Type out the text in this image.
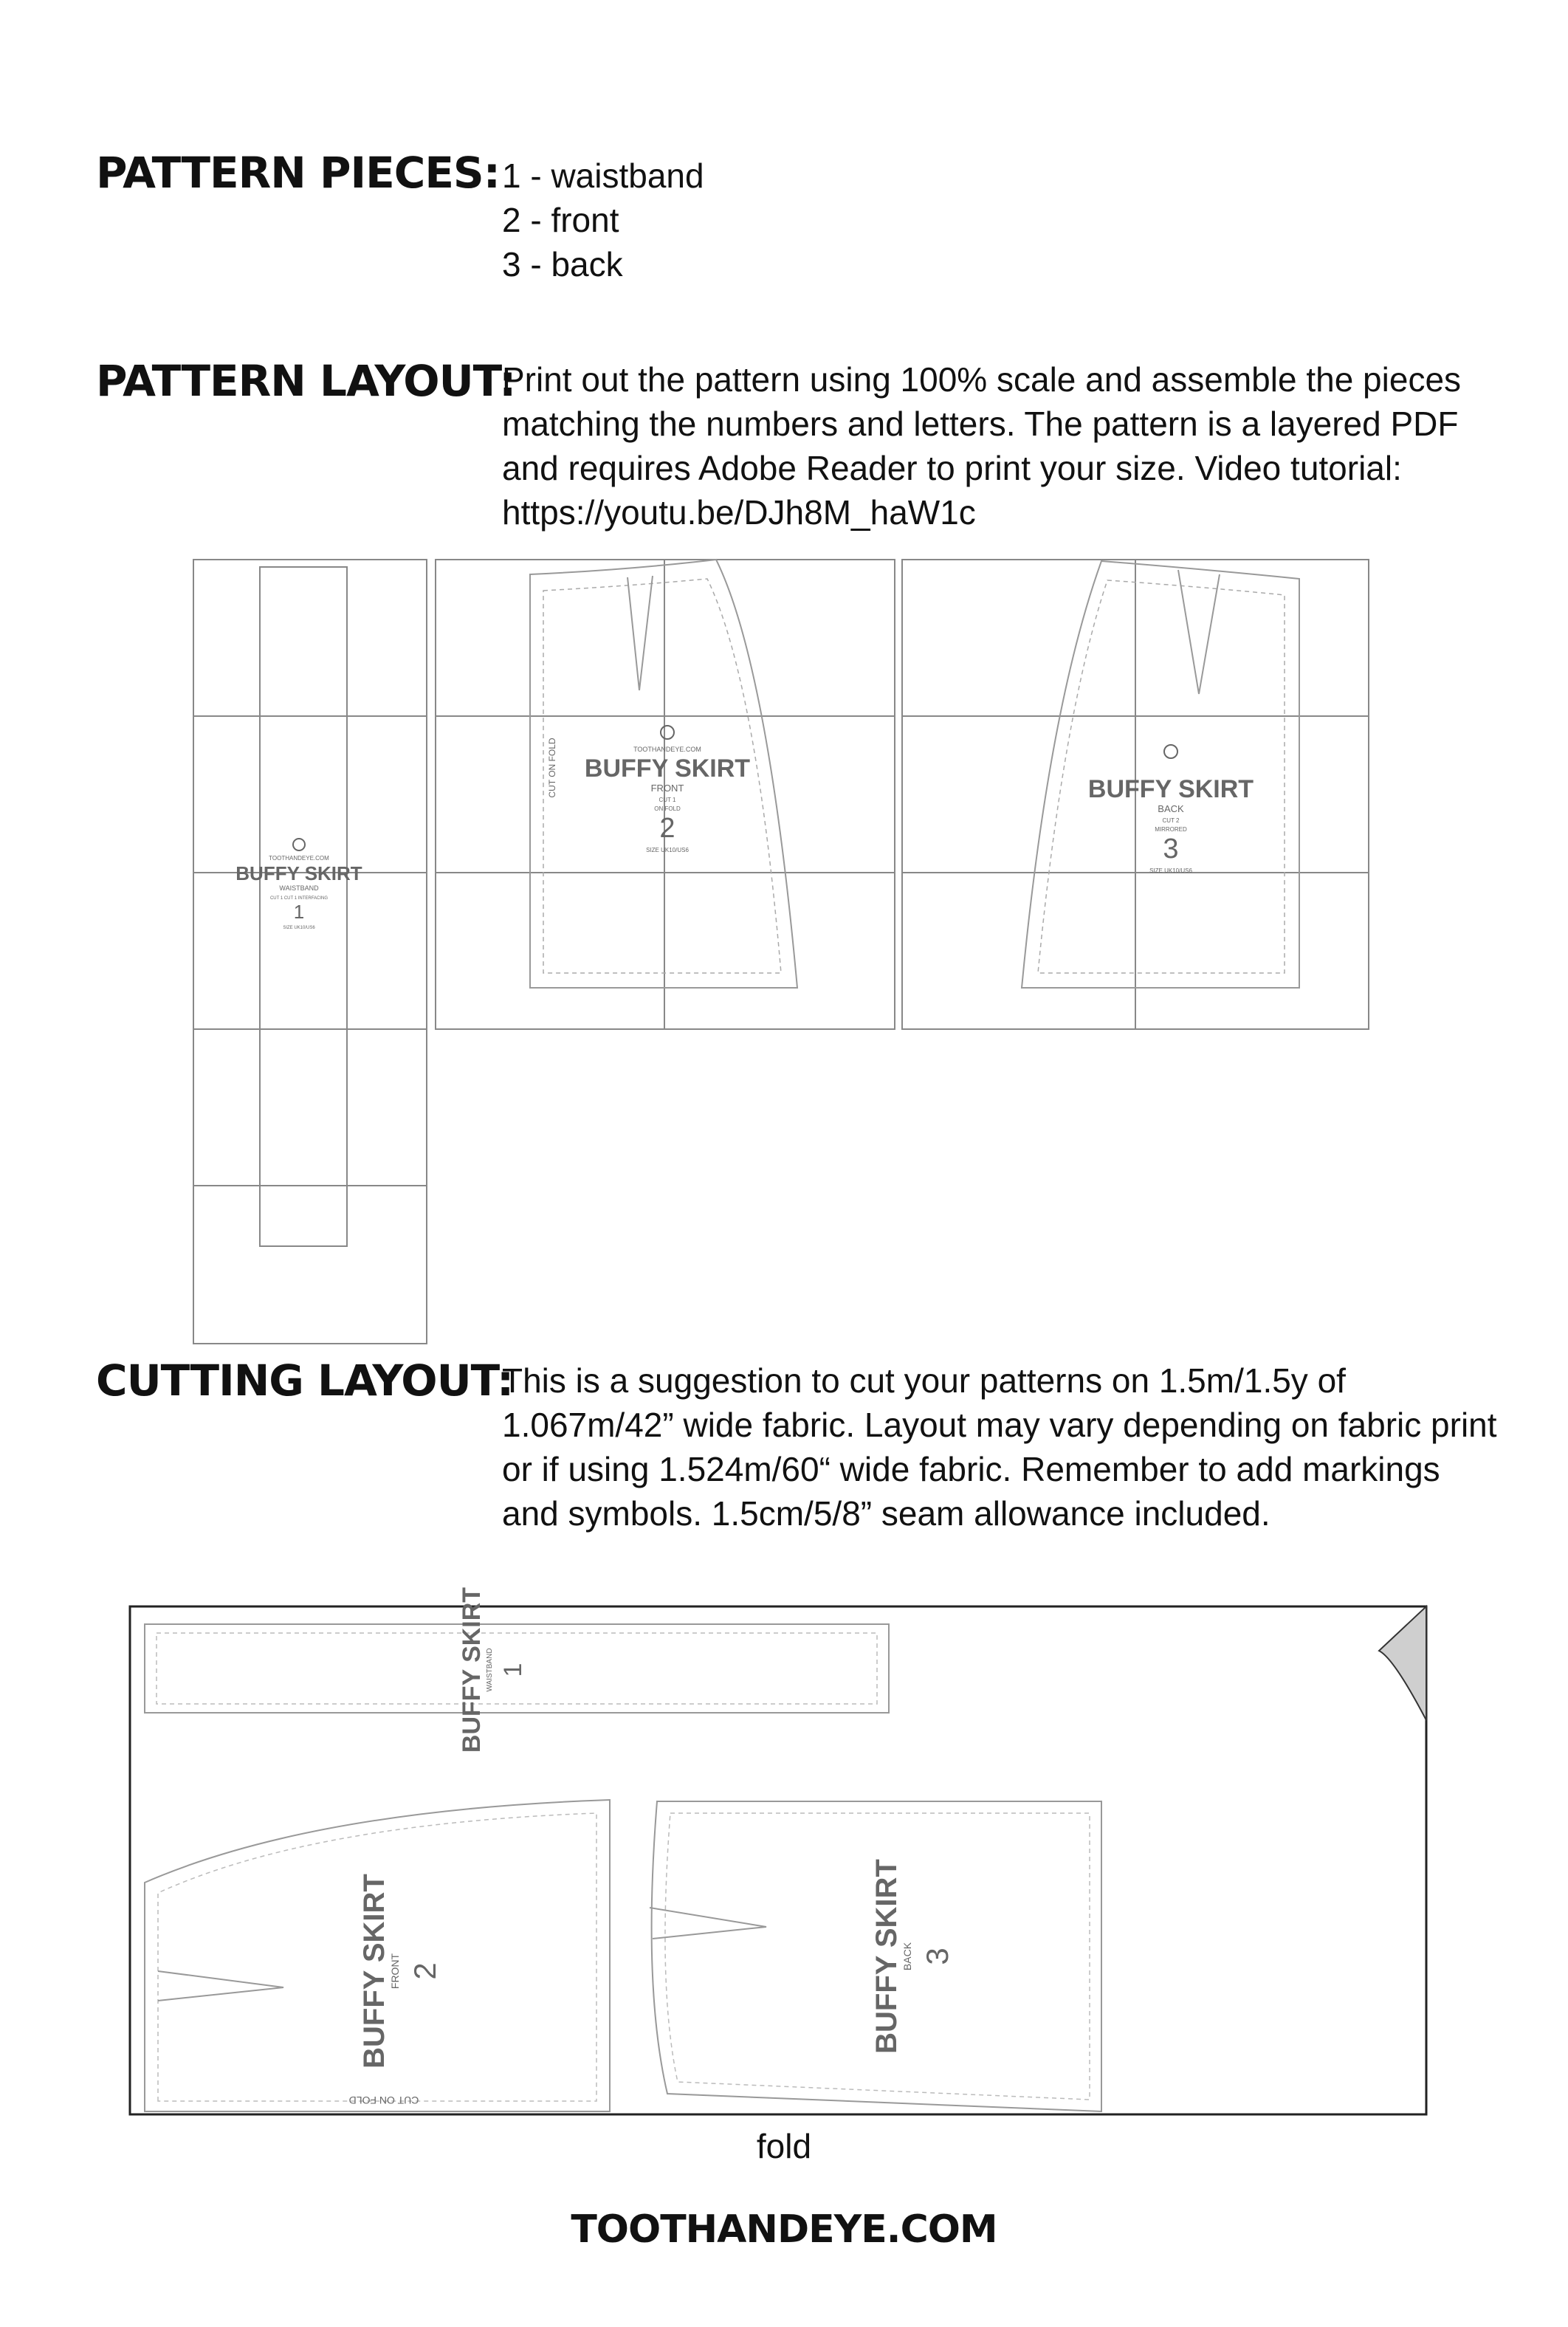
PATTERN PIECES: 1 - waistband

2 - front

3 - back

PATTERN LAYOUT:
Print out the pattern using 100% scale and assemble the pieces matching the numbers and letters. The pattern is a layered PDF and requires Adobe Reader to print your size. Video tutorial: https://youtu.be/DJh8M_haW1c
TOOTHANDEYE.COM
BUFFY SKIRT
WAISTBAND
CUT 1 CUT 1 INTERFACING
1
SIZE UK10/US6
TOOTHANDEYE.COM
BUFFY SKIRT
FRONT
CUT 1
ON FOLD
2
SIZE UK10/US6
CUT ON FOLD	BUFFY SKIRT
BACK
CUT 2
MIRRORED
3
SIZE UK10/US6
CUTTING LAYOUT:
This is a suggestion to cut your patterns on 1.5m/1.5y of 1.067m/42” wide fabric. Layout may vary depending on fabric print or if using 1.524m/60“ wide fabric. Remember to add markings and symbols. 1.5cm/5/8” seam allowance included.
BUFFY SKIRT WAISTBAND 1
BUFFY SKIRT
FRONT 2	BUFFY SKIRT
BACK 3
CUT ON FOLD
fold
TOOTHANDEYE.COM
